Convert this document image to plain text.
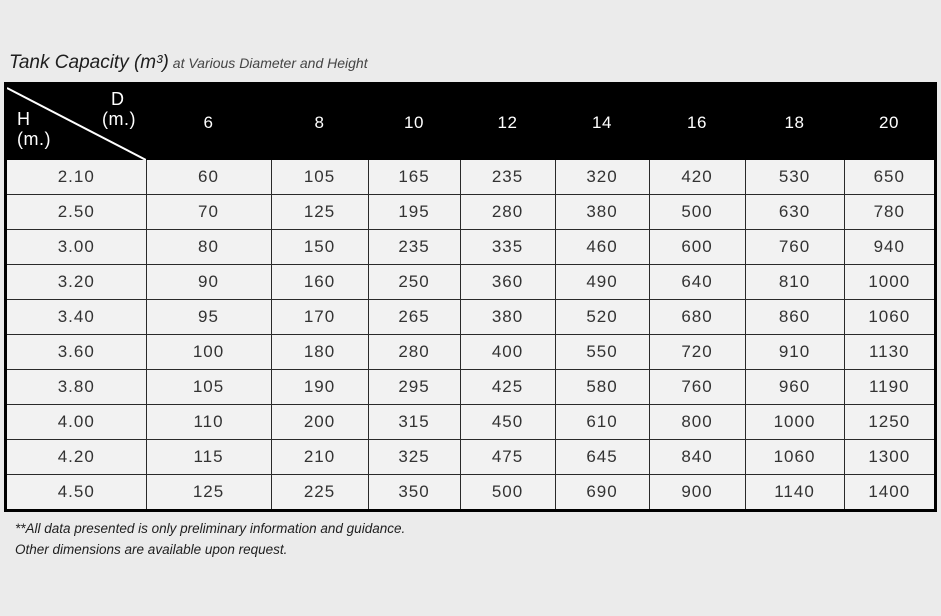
Tank Capacity (m³) at Various Diameter and Height
D
(m.)
H
(m.)	6	8	10	12	14	16	18	20
2.10	60	105	165	235	320	420	530	650
2.50	70	125	195	280	380	500	630	780
3.00	80	150	235	335	460	600	760	940
3.20	90	160	250	360	490	640	810	1000
3.40	95	170	265	380	520	680	860	1060
3.60	100	180	280	400	550	720	910	1130
3.80	105	190	295	425	580	760	960	1190
4.00	110	200	315	450	610	800	1000	1250
4.20	115	210	325	475	645	840	1060	1300
4.50	125	225	350	500	690	900	1140	1400
**All data presented is only preliminary information and guidance.
Other dimensions are available upon request.
